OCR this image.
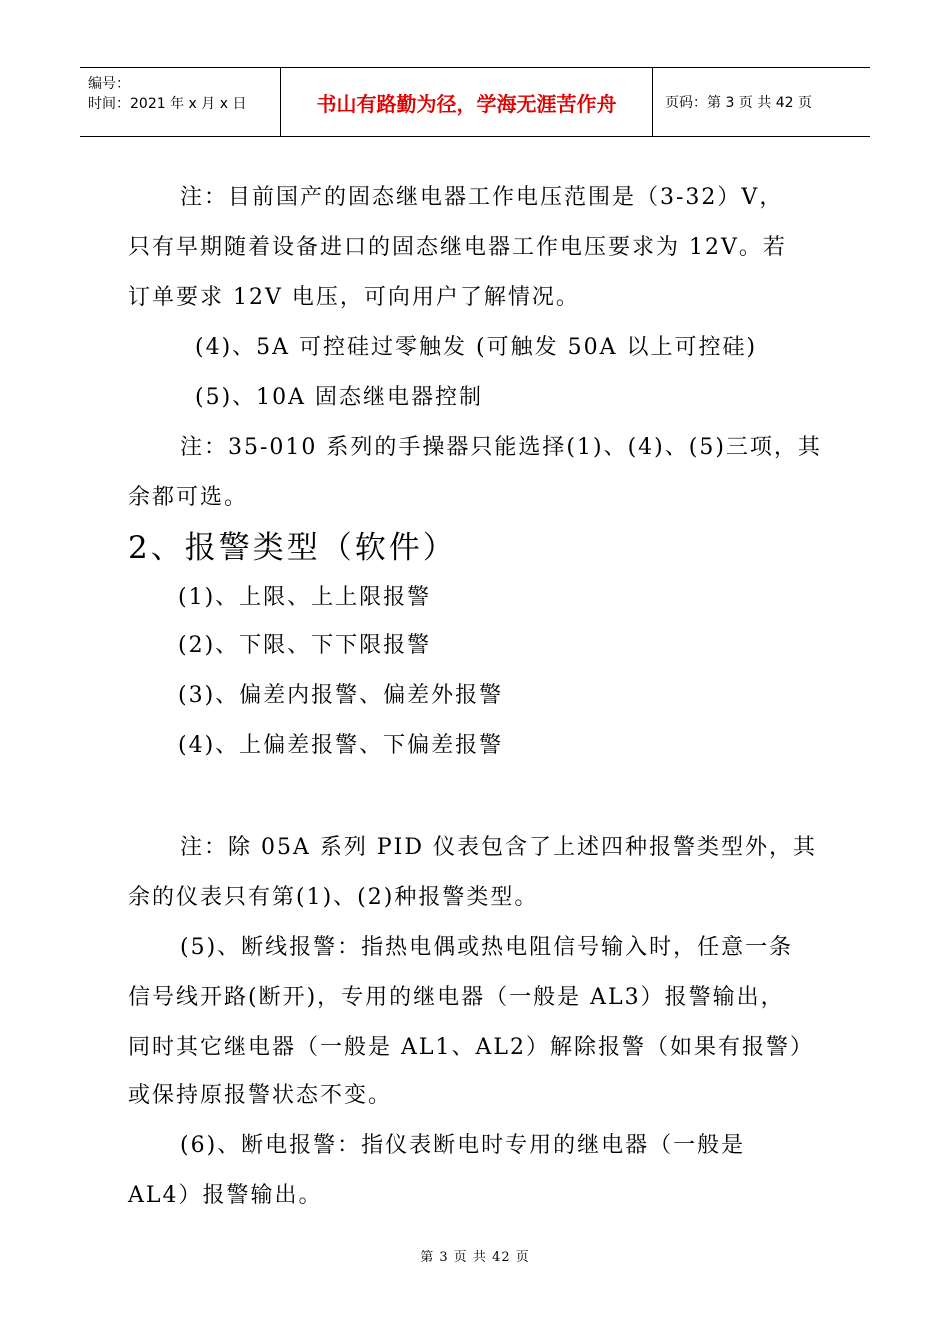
编号：
时间：2021 年 x 月 x 日	书山有路勤为径，学海无涯苦作舟	页码：第 3 页 共 42 页
注：目前国产的固态继电器工作电压范围是（3-32）V，
只有早期随着设备进口的固态继电器工作电压要求为 12V。若
订单要求 12V 电压，可向用户了解情况。
(4)、5A 可控硅过零触发 (可触发 50A 以上可控硅)
(5)、10A 固态继电器控制
注：35-010 系列的手操器只能选择(1)、(4)、(5)三项，其
余都可选。
2、报警类型（软件）
(1)、上限、上上限报警
(2)、下限、下下限报警
(3)、偏差内报警、偏差外报警
(4)、上偏差报警、下偏差报警
注：除 05A 系列 PID 仪表包含了上述四种报警类型外，其
余的仪表只有第(1)、(2)种报警类型。
(5)、断线报警：指热电偶或热电阻信号输入时，任意一条
信号线开路(断开)，专用的继电器（一般是 AL3）报警输出，
同时其它继电器（一般是 AL1、AL2）解除报警（如果有报警）
或保持原报警状态不变。
(6)、断电报警：指仪表断电时专用的继电器（一般是
AL4）报警输出。
第 3 页 共 42 页
